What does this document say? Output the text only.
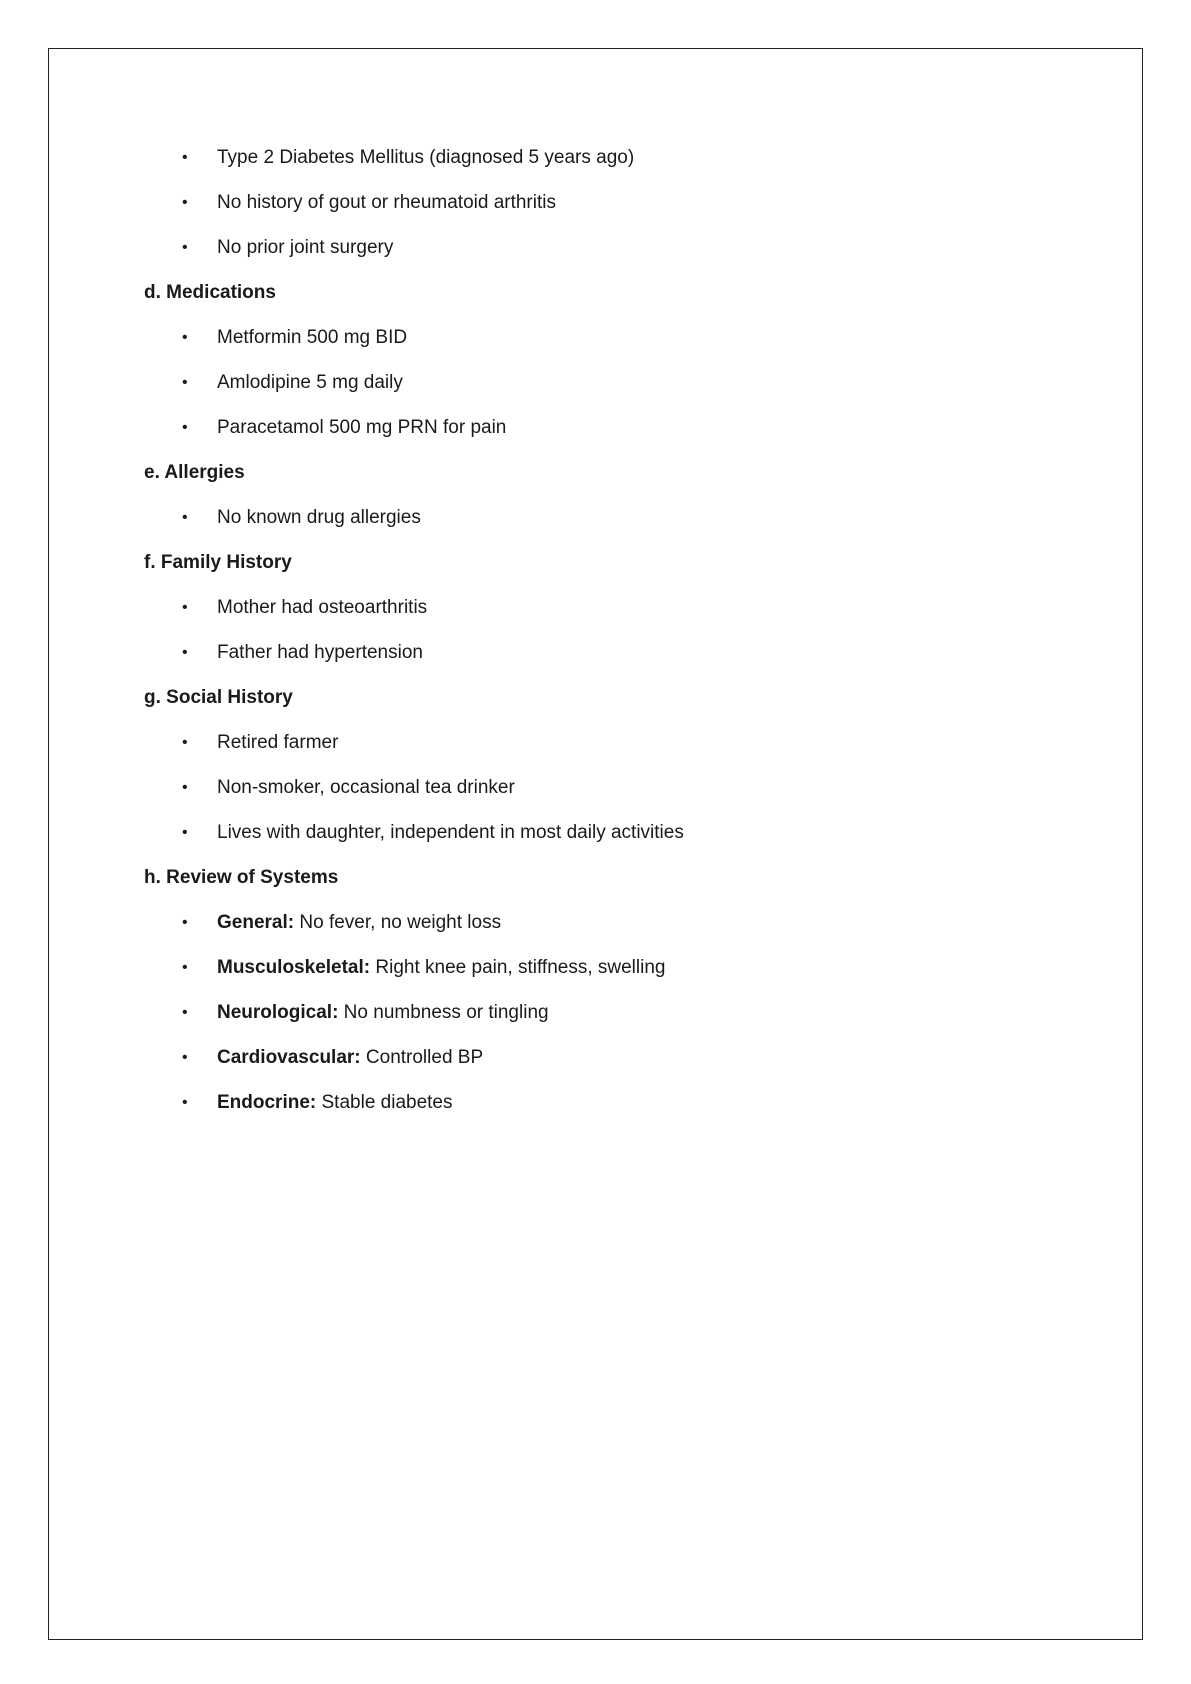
• Type 2 Diabetes Mellitus (diagnosed 5 years ago)
• No history of gout or rheumatoid arthritis
• No prior joint surgery
d. Medications
• Metformin 500 mg BID
• Amlodipine 5 mg daily
• Paracetamol 500 mg PRN for pain
e. Allergies
• No known drug allergies
f. Family History
• Mother had osteoarthritis
• Father had hypertension
g. Social History
• Retired farmer
• Non-smoker, occasional tea drinker
• Lives with daughter, independent in most daily activities
h. Review of Systems
• General: No fever, no weight loss
• Musculoskeletal: Right knee pain, stiffness, swelling
• Neurological: No numbness or tingling
• Cardiovascular: Controlled BP
• Endocrine: Stable diabetes
